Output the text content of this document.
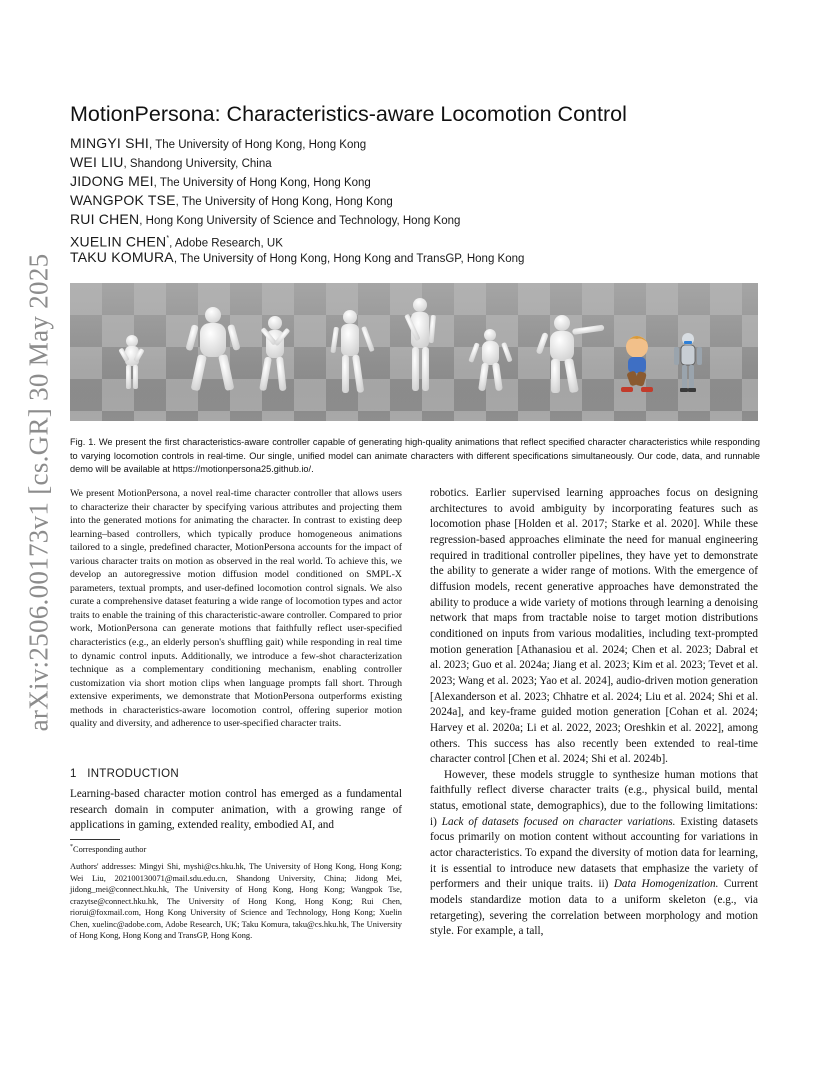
arXiv:2506.00173v1 [cs.GR] 30 May 2025
MotionPersona: Characteristics-aware Locomotion Control
MINGYI SHI, The University of Hong Kong, Hong Kong
WEI LIU, Shandong University, China
JIDONG MEI, The University of Hong Kong, Hong Kong
WANGPOK TSE, The University of Hong Kong, Hong Kong
RUI CHEN, Hong Kong University of Science and Technology, Hong Kong
XUELIN CHEN*, Adobe Research, UK
TAKU KOMURA, The University of Hong Kong, Hong Kong and TransGP, Hong Kong
Fig. 1. We present the first characteristics-aware controller capable of generating high-quality animations that reflect specified character characteristics while responding to varying locomotion controls in real-time. Our single, unified model can animate characters with different specifications simultaneously. Our code, data, and runnable demo will be available at https://motionpersona25.github.io/.
We present MotionPersona, a novel real-time character controller that allows users to characterize their character by specifying various attributes and projecting them into the generated motions for animating the character. In contrast to existing deep learning–based controllers, which typically produce homogeneous animations tailored to a single, predefined character, MotionPersona accounts for the impact of various character traits on motion as observed in the real world. To achieve this, we develop an autoregressive motion diffusion model conditioned on SMPL-X parameters, textual prompts, and user-defined locomotion control signals. We also curate a comprehensive dataset featuring a wide range of locomotion types and actor traits to enable the training of this characteristic-aware controller. Compared to prior work, MotionPersona can generate motions that faithfully reflect user-specified characteristics (e.g., an elderly person's shuffling gait) while responding in real time to dynamic control inputs. Additionally, we introduce a few-shot characterization technique as a complementary conditioning mechanism, enabling controller customization via short motion clips when language prompts fall short. Through extensive experiments, we demonstrate that MotionPersona outperforms existing methods in characteristics-aware locomotion control, offering superior motion quality and diversity, and adherence to user-specified character traits.
1 INTRODUCTION
Learning-based character motion control has emerged as a fundamental research domain in computer animation, with a growing range of applications in gaming, extended reality, embodied AI, and
*Corresponding author
Authors' addresses: Mingyi Shi, myshi@cs.hku.hk, The University of Hong Kong, Hong Kong; Wei Liu, 202100130071@mail.sdu.edu.cn, Shandong University, China; Jidong Mei, jidong_mei@connect.hku.hk, The University of Hong Kong, Hong Kong; Wangpok Tse, crazytse@connect.hku.hk, The University of Hong Kong, Hong Kong; Rui Chen, riorui@foxmail.com, Hong Kong University of Science and Technology, Hong Kong; Xuelin Chen, xuelinc@adobe.com, Adobe Research, UK; Taku Komura, taku@cs.hku.hk, The University of Hong Kong, Hong Kong and TransGP, Hong Kong.

robotics. Earlier supervised learning approaches focus on designing architectures to avoid ambiguity by incorporating features such as locomotion phase [Holden et al. 2017; Starke et al. 2020]. While these regression-based approaches eliminate the need for manual engineering required in traditional controller pipelines, they have yet to demonstrate the ability to generate a wider range of motions. With the emergence of diffusion models, recent generative approaches have demonstrated the ability to produce a wide variety of motions through learning a denoising network that maps from tractable noise to target motion distributions conditioned on inputs from various modalities, including text-prompted motion generation [Athanasiou et al. 2024; Chen et al. 2023; Dabral et al. 2023; Guo et al. 2024a; Jiang et al. 2023; Kim et al. 2023; Tevet et al. 2023; Wang et al. 2023; Yao et al. 2024], audio-driven motion generation [Alexanderson et al. 2023; Chhatre et al. 2024; Liu et al. 2024; Shi et al. 2024a], and key-frame guided motion generation [Cohan et al. 2024; Harvey et al. 2020a; Li et al. 2022, 2023; Oreshkin et al. 2022], among others. This success has also recently been extended to real-time character control [Chen et al. 2024; Shi et al. 2024b].

However, these models struggle to synthesize human motions that faithfully reflect diverse character traits (e.g., physical build, mental status, emotional state, demographics), due to the following limitations: i) Lack of datasets focused on character variations. Existing datasets focus primarily on motion content without accounting for variations in actor characteristics. To expand the diversity of motion data for learning, it is essential to introduce new datasets that emphasize the variety of performers and their unique traits. ii) Data Homogenization. Current models standardize motion data to a uniform skeleton (e.g., via retargeting), severing the correlation between morphology and motion style. For example, a tall,
